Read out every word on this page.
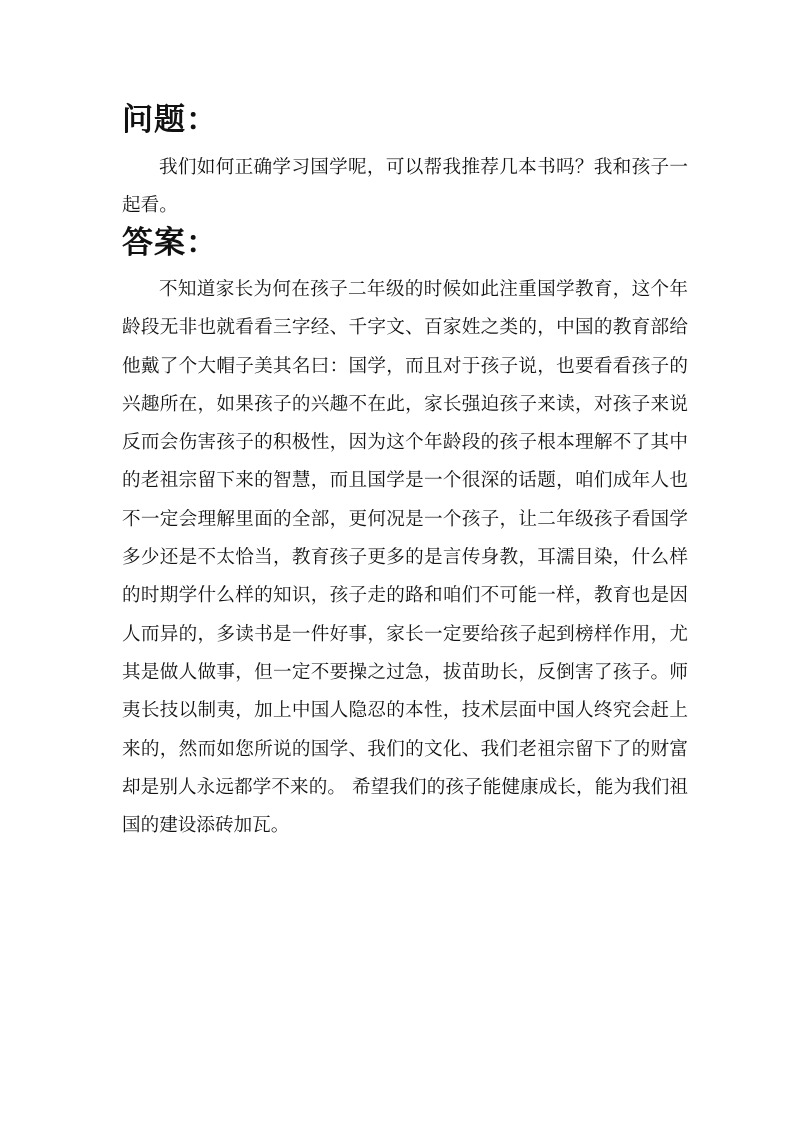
问题：

我们如何正确学习国学呢，可以帮我推荐几本书吗？我和孩子一起看。

答案：

不知道家长为何在孩子二年级的时候如此注重国学教育，这个年龄段无非也就看看三字经、千字文、百家姓之类的，中国的教育部给他戴了个大帽子美其名曰：国学，而且对于孩子说，也要看看孩子的兴趣所在，如果孩子的兴趣不在此，家长强迫孩子来读，对孩子来说反而会伤害孩子的积极性，因为这个年龄段的孩子根本理解不了其中的老祖宗留下来的智慧，而且国学是一个很深的话题，咱们成年人也不一定会理解里面的全部，更何况是一个孩子，让二年级孩子看国学多少还是不太恰当，教育孩子更多的是言传身教，耳濡目染，什么样的时期学什么样的知识，孩子走的路和咱们不可能一样，教育也是因人而异的，多读书是一件好事，家长一定要给孩子起到榜样作用，尤其是做人做事，但一定不要操之过急，拔苗助长，反倒害了孩子。师夷长技以制夷，加上中国人隐忍的本性，技术层面中国人终究会赶上来的，然而如您所说的国学、我们的文化、我们老祖宗留下了的财富却是别人永远都学不来的。 希望我们的孩子能健康成长，能为我们祖国的建设添砖加瓦。
